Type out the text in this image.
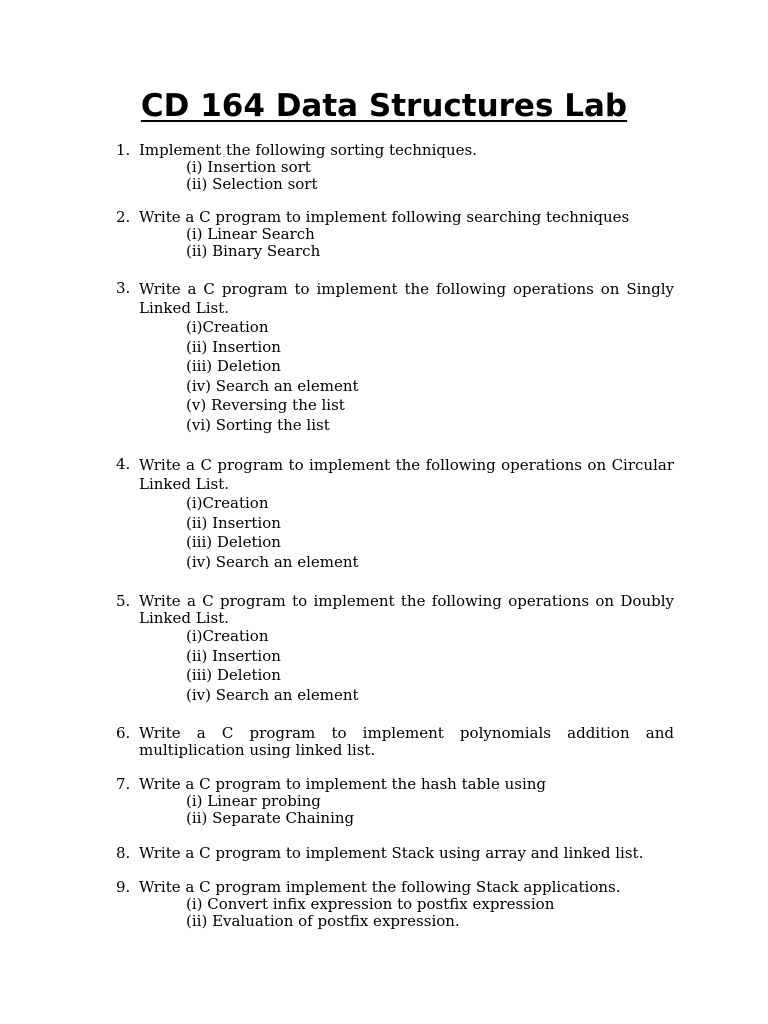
CD 164 Data Structures Lab
1. Implement the following sorting techniques.
(i) Insertion sort
(ii) Selection sort
2. Write a C program to implement following searching techniques
(i) Linear Search
(ii) Binary Search
3. Write a C program to implement the following operations on Singly Linked List.
(i)Creation
(ii) Insertion
(iii) Deletion
(iv) Search an element
(v) Reversing the list
(vi) Sorting the list
4. Write a C program to implement the following operations on Circular Linked List.
(i)Creation
(ii) Insertion
(iii) Deletion
(iv) Search an element
5. Write a C program to implement the following operations on Doubly Linked List.
(i)Creation
(ii) Insertion
(iii) Deletion
(iv) Search an element
6. Write a C program to implement polynomials addition and multiplication using linked list.
7. Write a C program to implement the hash table using
(i) Linear probing
(ii) Separate Chaining
8. Write a C program to implement Stack using array and linked list.
9. Write a C program implement the following Stack applications.
(i) Convert infix expression to postfix expression
(ii) Evaluation of postfix expression.
